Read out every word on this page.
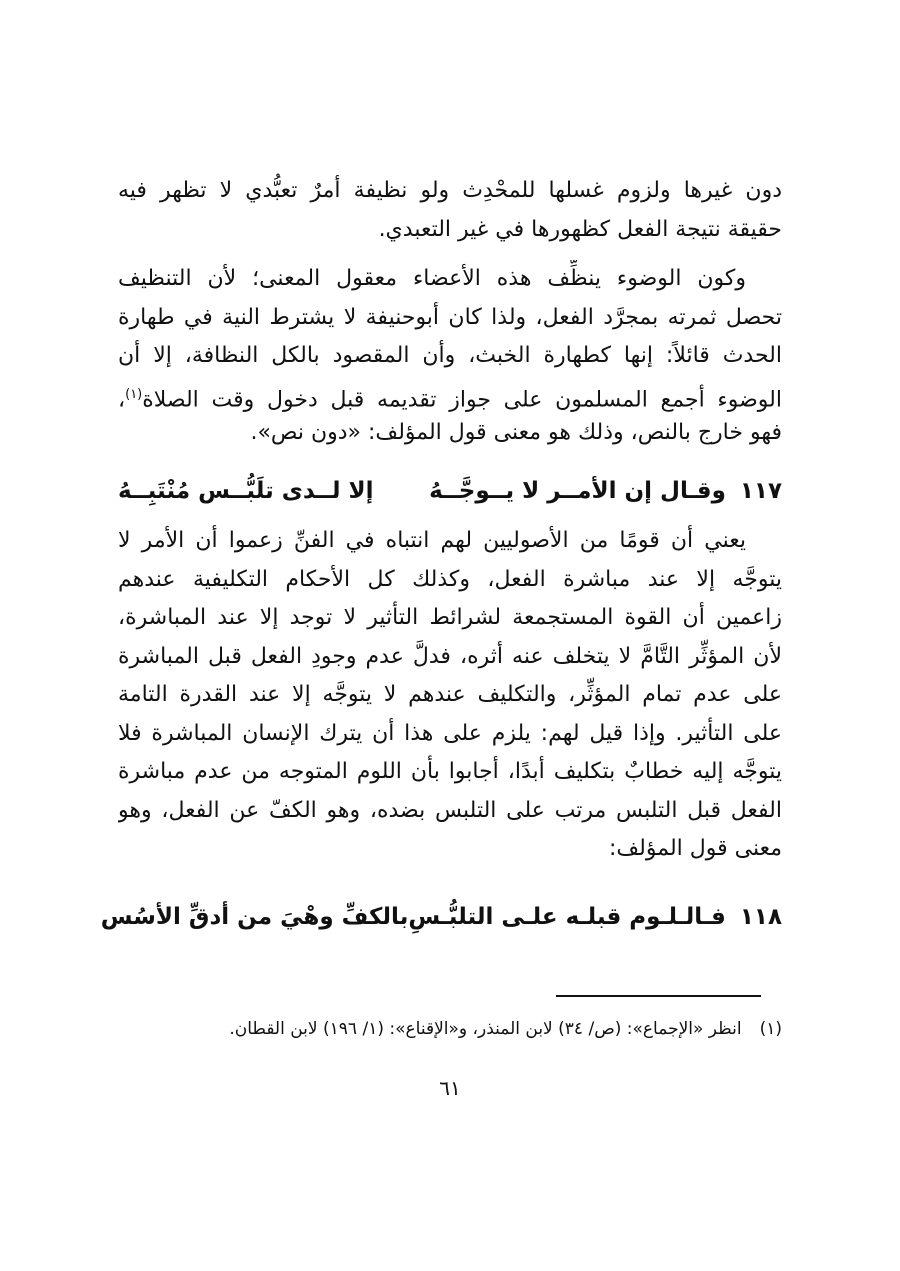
دون غيرها ولزوم غسلها للمحْدِث ولو نظيفة أمرٌ تعبُّدي لا تظهر فيه
حقيقة نتيجة الفعل كظهورها في غير التعبدي.
وكون الوضوء ينظِّف هذه الأعضاء معقول المعنى؛ لأن التنظيف
تحصل ثمرته بمجرَّد الفعل، ولذا كان أبوحنيفة لا يشترط النية في طهارة
الحدث قائلاً: إنها كطهارة الخبث، وأن المقصود بالكل النظافة، إلا أن
الوضوء أجمع المسلمون على جواز تقديمه قبل دخول وقت الصلاة$^{(١)}$،
فهو خارج بالنص، وذلك هو معنى قول المؤلف: «دون نص».
١١٧
وقـال إن الأمــر لا يــوجَّــهُ
إلا لــدى تلَبُّــس مُنْتَبِــهُ
يعني أن قومًا من الأصوليين لهم انتباه في الفنِّ زعموا أن الأمر لا
يتوجَّه إلا عند مباشرة الفعل، وكذلك كل الأحكام التكليفية عندهم
زاعمين أن القوة المستجمعة لشرائط التأثير لا توجد إلا عند المباشرة،
لأن المؤثِّر التَّامَّ لا يتخلف عنه أثره، فدلَّ عدم وجودِ الفعل قبل المباشرة
على عدم تمام المؤثِّر، والتكليف عندهم لا يتوجَّه إلا عند القدرة التامة
على التأثير. وإذا قيل لهم: يلزم على هذا أن يترك الإنسان المباشرة فلا
يتوجَّه إليه خطابٌ بتكليف أبدًا، أجابوا بأن اللوم المتوجه من عدم مباشرة
الفعل قبل التلبس مرتب على التلبس بضده، وهو الكفّ عن الفعل، وهو
معنى قول المؤلف:
١١٨
فـالـلـوم قبلـه علـى التلبُّـسِ
بالكفِّ وهْيَ من أدقِّ الأسُس
(١)انظر «الإجماع»: (ص/ ٣٤) لابن المنذر، و«الإقناع»: (١/ ١٩٦) لابن القطان.
٦١
